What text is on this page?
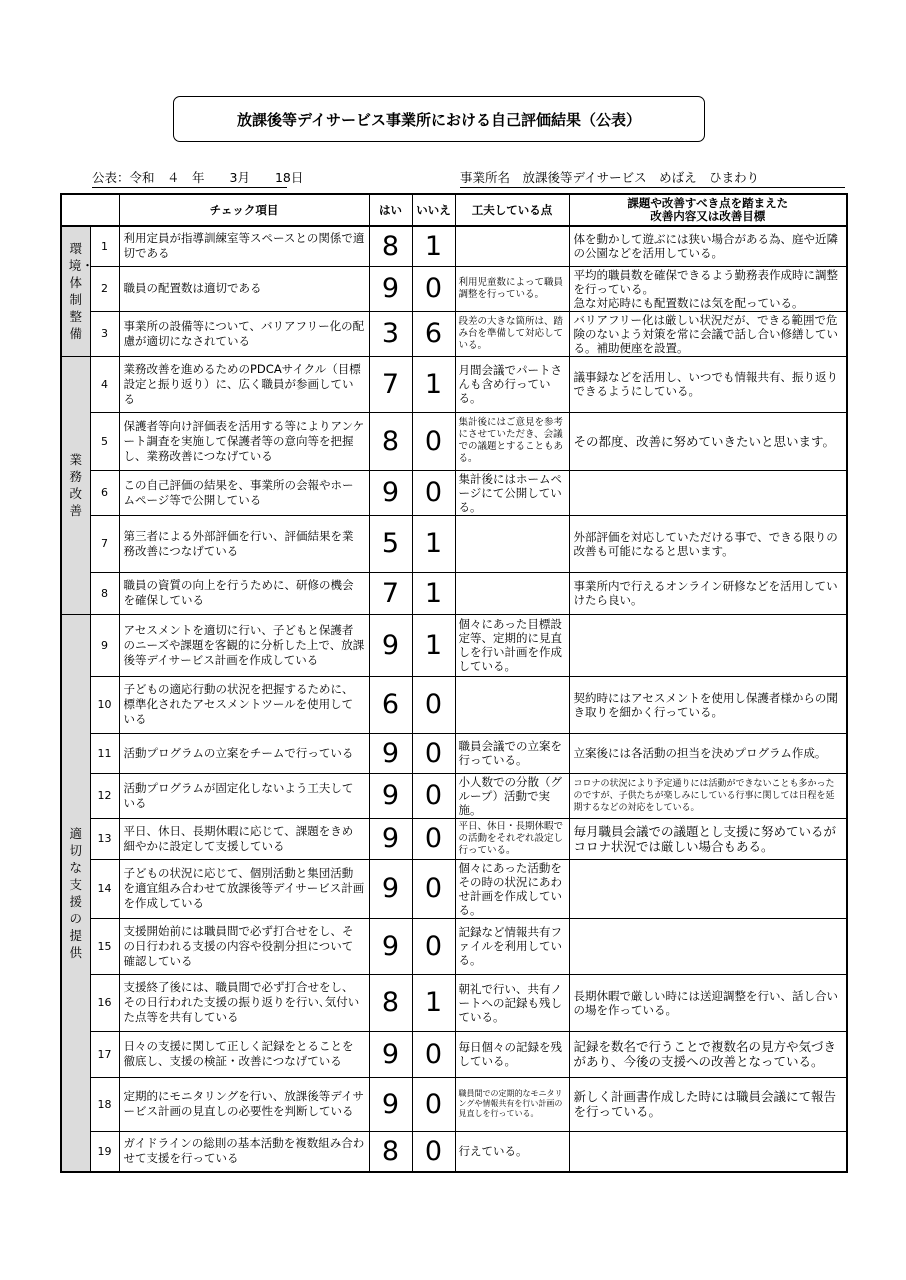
放課後等デイサービス事業所における自己評価結果（公表）
公表：令和　４　年　　3月　　18日	事業所名　放課後等デイサービス　めばえ　ひまわり
		チェック項目	はい	いいえ	工夫している点	課題や改善すべき点を踏まえた
改善内容又は改善目標
環境・体制整備	1	利用定員が指導訓練室等スペースとの関係で適切である	8	1		体を動かして遊ぶには狭い場合がある為、庭や近隣の公園などを活用している。
	2	職員の配置数は適切である	9	0	利用児童数によって職員調整を行っている。	平均的職員数を確保できるよう勤務表作成時に調整を行っている。
急な対応時にも配置数には気を配っている。
	3	事業所の設備等について、バリアフリー化の配慮が適切になされている	3	6	段差の大きな箇所は、踏み台を準備して対応している。	バリアフリー化は厳しい状況だが、できる範囲で危険のないよう対策を常に会議で話し合い修繕している。補助便座を設置。
業務改善	4	業務改善を進めるためのPDCAサイクル（目標設定と振り返り）に、広く職員が参画している	7	1	月間会議でパートさんも含め行っている。	議事録などを活用し、いつでも情報共有、振り返りできるようにしている。
	5	保護者等向け評価表を活用する等によりアンケート調査を実施して保護者等の意向等を把握し、業務改善につなげている	8	0	集計後にはご意見を参考にさせていただき、会議での議題とすることもある。	その都度、改善に努めていきたいと思います。
	6	この自己評価の結果を、事業所の会報やホームページ等で公開している	9	0	集計後にはホームページにて公開している。	
	7	第三者による外部評価を行い、評価結果を業務改善につなげている	5	1		外部評価を対応していただける事で、できる限りの改善も可能になると思います。
	8	職員の資質の向上を行うために、研修の機会を確保している	7	1		事業所内で行えるオンライン研修などを活用していけたら良い。
適切な支援の提供	9	アセスメントを適切に行い、子どもと保護者のニーズや課題を客観的に分析した上で、放課後等デイサービス計画を作成している	9	1	個々にあった目標設定等、定期的に見直しを行い計画を作成している。	
	10	子どもの適応行動の状況を把握するために、標準化されたアセスメントツールを使用している	6	0		契約時にはアセスメントを使用し保護者様からの聞き取りを細かく行っている。
	11	活動プログラムの立案をチームで行っている	9	0	職員会議での立案を行っている。	立案後には各活動の担当を決めプログラム作成。
	12	活動プログラムが固定化しないよう工夫している	9	0	小人数での分散（グループ）活動で実施。	コロナの状況により予定通りには活動ができないことも多かったのですが、子供たちが楽しみにしている行事に関しては日程を延期するなどの対応をしている。
	13	平日、休日、長期休暇に応じて、課題をきめ細やかに設定して支援している	9	0	平日、休日・長期休暇での活動をそれぞれ設定し行っている。	毎月職員会議での議題とし支援に努めているがコロナ状況では厳しい場合もある。
	14	子どもの状況に応じて、個別活動と集団活動を適宜組み合わせて放課後等デイサービス計画を作成している	9	0	個々にあった活動をその時の状況にあわせ計画を作成している。	
	15	支援開始前には職員間で必ず打合せをし、その日行われる支援の内容や役割分担について確認している	9	0	記録など情報共有ファイルを利用している。	
	16	支援終了後には、職員間で必ず打合せをし、その日行われた支援の振り返りを行い､気付いた点等を共有している	8	1	朝礼で行い、共有ノートへの記録も残している。	長期休暇で厳しい時には送迎調整を行い、話し合いの場を作っている。
	17	日々の支援に関して正しく記録をとることを徹底し、支援の検証・改善につなげている	9	0	毎日個々の記録を残している。	記録を数名で行うことで複数名の見方や気づきがあり、今後の支援への改善となっている。
	18	定期的にモニタリングを行い、放課後等デイサービス計画の見直しの必要性を判断している	9	0	職員間での定期的なモニタリングや情報共有を行い計画の見直しを行っている。	新しく計画書作成した時には職員会議にて報告を行っている。
	19	ガイドラインの総則の基本活動を複数組み合わせて支援を行っている	8	0	行えている。	
